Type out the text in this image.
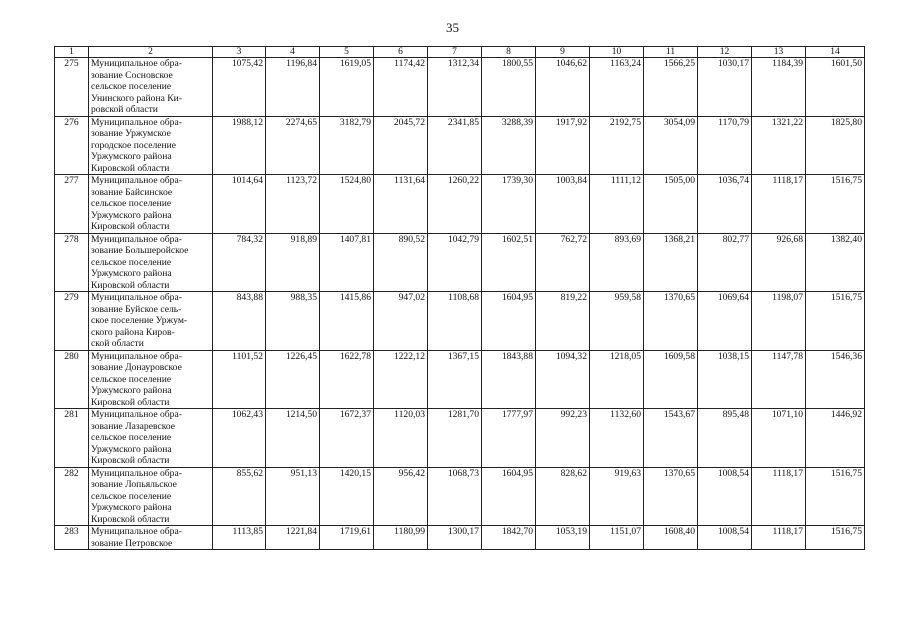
35
1	2	3	4	5	6	7	8	9	10	11	12	13	14
275	Муниципальное обра-
зование Сосновское
сельское поселение
Унинского района Ки-
ровской области	1075,42	1196,84	1619,05	1174,42	1312,34	1800,55	1046,62	1163,24	1566,25	1030,17	1184,39	1601,50
276	Муниципальное обра-
зование Уржумское
городское поселение
Уржумского района
Кировской области	1988,12	2274,65	3182,79	2045,72	2341,85	3288,39	1917,92	2192,75	3054,09	1170,79	1321,22	1825,80
277	Муниципальное обра-
зование Байсинское
сельское поселение
Уржумского района
Кировской области	1014,64	1123,72	1524,80	1131,64	1260,22	1739,30	1003,84	1111,12	1505,00	1036,74	1118,17	1516,75
278	Муниципальное обра-
зование Большеройское
сельское поселение
Уржумского района
Кировской области	784,32	918,89	1407,81	890,52	1042,79	1602,51	762,72	893,69	1368,21	802,77	926,68	1382,40
279	Муниципальное обра-
зование Буйское сель-
ское поселение Уржум-
ского района Киров-
ской области	843,88	988,35	1415,86	947,02	1108,68	1604,95	819,22	959,58	1370,65	1069,64	1198,07	1516,75
280	Муниципальное обра-
зование Донауровское
сельское поселение
Уржумского района
Кировской области	1101,52	1226,45	1622,78	1222,12	1367,15	1843,88	1094,32	1218,05	1609,58	1038,15	1147,78	1546,36
281	Муниципальное обра-
зование Лазаревское
сельское поселение
Уржумского района
Кировской области	1062,43	1214,50	1672,37	1120,03	1281,70	1777,97	992,23	1132,60	1543,67	895,48	1071,10	1446,92
282	Муниципальное обра-
зование Лопьяльское
сельское поселение
Уржумского района
Кировской области	855,62	951,13	1420,15	956,42	1068,73	1604,95	828,62	919,63	1370,65	1008,54	1118,17	1516,75
283	Муниципальное обра-
зование Петровское	1113,85	1221,84	1719,61	1180,99	1300,17	1842,70	1053,19	1151,07	1608,40	1008,54	1118,17	1516,75
